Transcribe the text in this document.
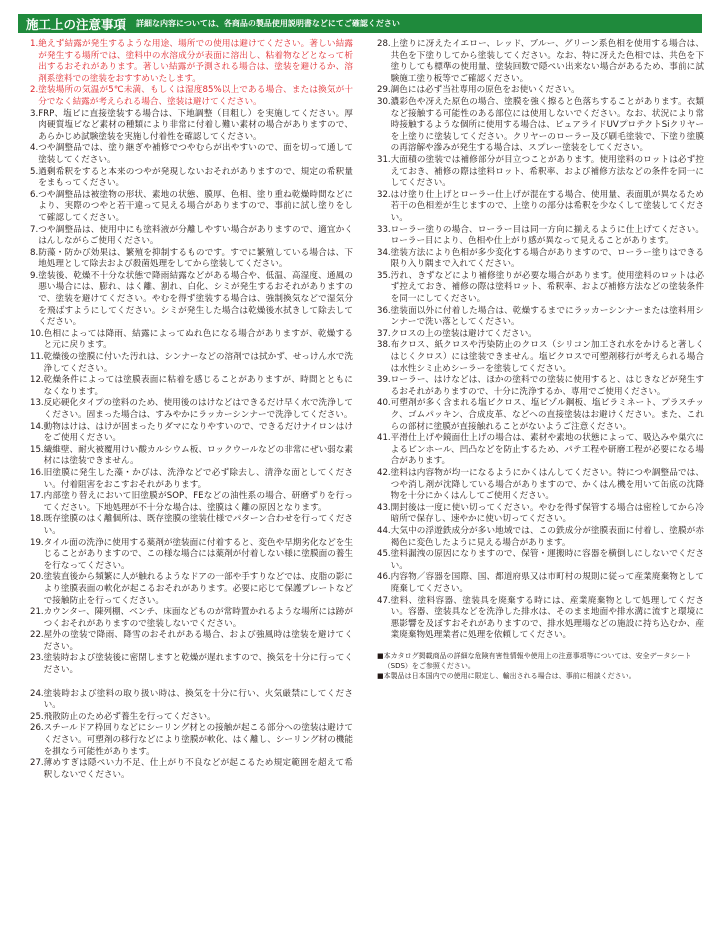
施工上の注意事項	詳細な内容については、各商品の製品使用説明書などにてご確認ください
1. 絶えず結露が発生するような用途、場所での使用は避けてください。著しい結露が発生する場所では、塗料中の水溶成分が表面に溶出し、粘着物などとなって析出するおそれがあります。著しい結露が予測される場合は、塗装を避けるか、溶剤系塗料での塗装をおすすめいたします。
2. 塗装場所の気温が5℃未満、もしくは湿度85%以上である場合、または換気が十分でなく結露が考えられる場合、塗装は避けてください。
3. FRP、塩ビに直接塗装する場合は、下地調整（目粗し）を実施してください。厚肉硬質塩ビなど素材の種類により非常に付着し難い素材の場合がありますので、あらかじめ試験塗装を実施し付着性を確認してください。
4. つや調整品では、塗り継ぎや補修でつやむらが出やすいので、面を切って通して塗装してください。
5. 過剰希釈をすると本来のつやが発現しないおそれがありますので、規定の希釈量をまもってください。
6. つや調整品は被塗物の形状、素地の状態、膜厚、色相、塗り重ね乾燥時間などにより、実際のつやと若干違って見える場合がありますので、事前に試し塗りをして確認してください。
7. つや調整品は、使用中にも塗料液が分離しやすい場合がありますので、適宜かくはんしながらご使用ください。
8. 防藻・防かび効果は、繁殖を抑制するものです。すでに繁殖している場合は、下地処理として除去および殺菌処理をしてから塗装してください。
9. 塗装後、乾燥不十分な状態で降雨結露などがある場合や、低温、高湿度、通風の悪い場合には、膨れ、はく離、割れ、白化、シミが発生するおそれがありますので、塗装を避けてください。やむを得ず塗装する場合は、強制換気などで湿気分を飛ばすようにしてください。シミが発生した場合は乾燥後水拭きして除去してください。
10. 色相によっては降雨、結露によってぬれ色になる場合がありますが、乾燥すると元に戻ります。
11. 乾燥後の塗膜に付いた汚れは、シンナーなどの溶剤では拭かず、せっけん水で洗浄してください。
12. 乾燥条件によっては塗膜表面に粘着を感じることがありますが、時間とともになくなります。
13. 反応硬化タイプの塗料のため、使用後のはけなどはできるだけ早く水で洗浄してください。固まった場合は、すみやかにラッカーシンナーで洗浄してください。
14. 動物はけは、はけが固まったりダマになりやすいので、できるだけナイロンはけをご使用ください。
15. 繊維壁、耐火被覆用けい酸カルシウム板、ロックウールなどの非常にぜい弱な素材には塗装できません。
16. 旧塗膜に発生した藻・かびは、洗浄などで必ず除去し、清浄な面としてください。付着阻害をおこすおそれがあります。
17. 内部塗り替えにおいて旧塗膜がSOP、FEなどの油性系の場合、研磨ずりを行ってください。下地処理が不十分な場合は、塗膜はく離の原因となります。
18. 既存塗膜のはく離個所は、既存塗膜の塗装仕様でパターン合わせを行ってください。
19. タイル面の洗浄に使用する薬剤が塗装面に付着すると、変色や早期劣化などを生じることがありますので、この様な場合には薬剤が付着しない様に塗膜面の養生を行なってください。
20. 塗装直後から頻繁に人が触れるようなドアの一部や手すりなどでは、皮脂の影により塗膜表面の軟化が起こるおそれがあります。必要に応じて保護プレートなどで接触防止を行ってください。
21. カウンター、陳列棚、ベンチ、床面などものが常時置かれるような場所には跡がつくおそれがありますので塗装しないでください。
22. 屋外の塗装で降雨、降雪のおそれがある場合、および強風時は塗装を避けてください。
23. 塗装時および塗装後に密閉しますと乾燥が遅れますので、換気を十分に行ってください。
24. 塗装時および塗料の取り扱い時は、換気を十分に行い、火気厳禁にしてください。
25. 飛散防止のため必ず養生を行ってください。
26. スチールドア枠回りなどにシーリング材との接触が起こる部分への塗装は避けてください。可塑剤の移行などにより塗膜が軟化、はく離し、シーリング材の機能を損なう可能性があります。
27. 薄めすぎは隠ぺい力不足、仕上がり不良などが起こるため規定範囲を超えて希釈しないでください。
28. 上塗りに冴えたイエロー、レッド、ブルー、グリーン系色相を使用する場合は、共色を下塗りしてから塗装してください。なお、特に冴えた色相では、共色を下塗りしても標準の使用量、塗装回数で隠ぺい出来ない場合があるため、事前に試験施工塗り板等でご確認ください。
29. 調色には必ず当社専用の原色をお使いください。
30. 濃彩色や冴えた原色の場合、塗膜を強く擦ると色落ちすることがあります。衣類など接触する可能性のある部位には使用しないでください。なお、状況により常時接触するような個所に使用する場合は、ピュアライドUVプロテクトSiクリヤーを上塗りに塗装してください。クリヤーのローラー及び刷毛塗装で、下塗り塗膜の再溶解や滲みが発生する場合は、スプレー塗装をしてください。
31. 大面積の塗装では補修部分が目立つことがあります。使用塗料のロットは必ず控えておき、補修の際は塗料ロット、希釈率、および補修方法などの条件を同一にしてください。
32. はけ塗り仕上げとローラー仕上げが混在する場合、使用量、表面肌が異なるため若干の色相差が生じますので、上塗りの部分は希釈を少なくして塗装してください。
33. ローラー塗りの場合、ローラー目は同一方向に揃えるように仕上げてください。ローラー目により、色相や仕上がり感が異なって見えることがあります。
34. 塗装方法により色相が多少変化する場合がありますので、ローラー塗りはできる限り入り隅まで入れてください。
35. 汚れ、きずなどにより補修塗りが必要な場合があります。使用塗料のロットは必ず控えておき、補修の際は塗料ロット、希釈率、および補修方法などの塗装条件を同一にしてください。
36. 塗装面以外に付着した場合は、乾燥するまでにラッカーシンナーまたは塗料用シンナーで洗い落としてください。
37. クロスの上の塗装は避けてください。
38. 布クロス、紙クロスや汚染防止のクロス（シリコン加工され水をかけると著しくはじくクロス）には塗装できません。塩ビクロスで可塑剤移行が考えられる場合は水性シミ止めシーラーを塗装してください。
39. ローラー、はけなどは、ほかの塗料での塗装に使用すると、はじきなどが発生するおそれがありますので、十分に洗浄するか、専用でご使用ください。
40. 可塑剤が多く含まれる塩ビクロス、塩ビゾル鋼板、塩ビラミネート、プラスチック、ゴムパッキン、合成皮革、などへの直接塗装はお避けください。また、これらの部材に塗膜が直接触れることがないようご注意ください。
41. 平滑仕上げや鏡面仕上げの場合は、素材や素地の状態によって、吸込みや巣穴によるピンホール、凹凸などを防止するため、パテ工程や研磨工程が必要になる場合があります。
42. 塗料は内容物が均一になるようにかくはんしてください。特につや調整品では、つや消し剤が沈降している場合がありますので、かくはん機を用いて缶底の沈降物を十分にかくはんしてご使用ください。
43. 開封後は一度に使い切ってください。やむを得ず保管する場合は密栓してから冷暗所で保存し、速やかに使い切ってください。
44. 大気中の浮遊鉄成分が多い地域では、この鉄成分が塗膜表面に付着し、塗膜が赤褐色に変色したように見える場合があります。
45. 塗料漏洩の原因になりますので、保管・運搬時に容器を横倒しにしないでください。
46. 内容物／容器を国際、国、都道府県又は市町村の規則に従って産業廃棄物として廃棄してください。
47. 塗料、塗料容器、塗装具を廃棄する時には、産業廃棄物として処理してください。容器、塗装具などを洗浄した排水は、そのまま地面や排水溝に流すと環境に悪影響を及ぼすおそれがありますので、排水処理場などの施設に持ち込むか、産業廃棄物処理業者に処理を依頼してください。
■ 本カタログ掲載商品の詳細な危険有害性情報や使用上の注意事項等については、安全データシート（SDS）をご参照ください。
■ 本製品は日本国内での使用に限定し、輸出される場合は、事前に相談ください。
